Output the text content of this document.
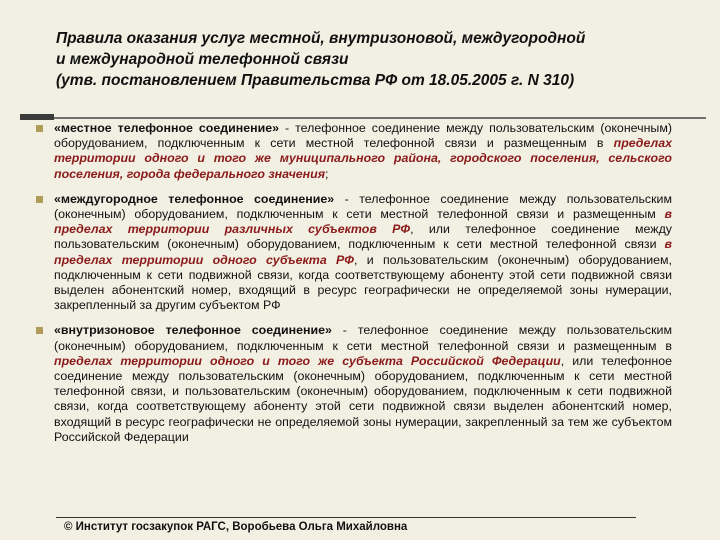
Правила оказания услуг местной, внутризоновой, междугородной
и международной телефонной связи
(утв. постановлением Правительства РФ от 18.05.2005 г. N 310)

«местное телефонное соединение» - телефонное соединение между пользовательским (оконечным) оборудованием, подключенным к сети местной телефонной связи и размещенным в пределах территории одного и того же муниципального района, городского поселения, сельского поселения, города федерального значения;

«междугородное телефонное соединение» - телефонное соединение между пользовательским (оконечным) оборудованием, подключенным к сети местной телефонной связи и размещенным в пределах территории различных субъектов РФ, или телефонное соединение между пользовательским (оконечным) оборудованием, подключенным к сети местной телефонной связи в пределах территории одного субъекта РФ, и пользовательским (оконечным) оборудованием, подключенным к сети подвижной связи, когда соответствующему абоненту этой сети подвижной связи выделен абонентский номер, входящий в ресурс географически не определяемой зоны нумерации, закрепленный за другим субъектом РФ

«внутризоновое телефонное соединение» - телефонное соединение между пользовательским (оконечным) оборудованием, подключенным к сети местной телефонной связи и размещенным в пределах территории одного и того же субъекта Российской Федерации, или телефонное соединение между пользовательским (оконечным) оборудованием, подключенным к сети местной телефонной связи, и пользовательским (оконечным) оборудованием, подключенным к сети подвижной связи, когда соответствующему абоненту этой сети подвижной связи выделен абонентский номер, входящий в ресурс географически не определяемой зоны нумерации, закрепленный за тем же субъектом Российской Федерации

© Институт госзакупок РАГС, Воробьева Ольга Михайловна
